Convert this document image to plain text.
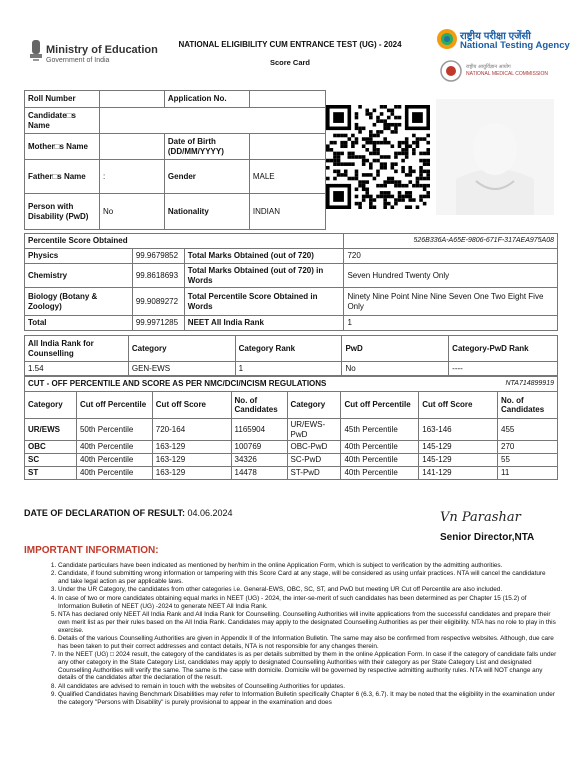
Ministry of Education
Government of India
NATIONAL ELIGIBILITY CUM ENTRANCE TEST (UG) - 2024
Score Card
राष्ट्रीय परीक्षा एजेंसी
National Testing Agency
राष्ट्रीय आयुर्विज्ञान आयोग
NATIONAL MEDICAL COMMISSION
Roll Number		Application No.		
Candidate□s Name				
Mother□s Name		Date of Birth (DD/MM/YYYY)		
Father□s Name	:	Gender	MALE	
Person with Disability (PwD)	No	Nationality	INDIAN	
Percentile Score Obtained			526B336A-A65E-9806-671F-317AEA975A08
Physics	99.9679852	Total Marks Obtained (out of 720)	720
Chemistry	99.8618693	Total Marks Obtained (out of 720) in Words	Seven Hundred Twenty Only
Biology (Botany & Zoology)	99.9089272	Total Percentile Score Obtained in Words	Ninety Nine Point Nine Nine Seven One Two Eight Five Only
Total	99.9971285	NEET All India Rank	1
All India Rank for Counselling	Category	Category Rank	PwD	Category-PwD Rank
1.54	GEN-EWS	1	No	----
CUT - OFF PERCENTILE AND SCORE AS PER NMC/DCI/NCISM REGULATIONS					NTA714899919		
Category	Cut off Percentile	Cut off Score	No. of Candidates	Category	Cut off Percentile	Cut off Score	No. of Candidates
UR/EWS	50th Percentile	720-164	1165904	UR/EWS-PwD	45th Percentile	163-146	455
OBC	40th Percentile	163-129	100769	OBC-PwD	40th Percentile	145-129	270
SC	40th Percentile	163-129	34326	SC-PwD	40th Percentile	145-129	55
ST	40th Percentile	163-129	14478	ST-PwD	40th Percentile	141-129	11
DATE OF DECLARATION OF RESULT: 04.06.2024	Vn Parashar
Senior Director,NTA
IMPORTANT INFORMATION:
1. Candidate particulars have been indicated as mentioned by her/him in the online Application Form, which is subject to verification by the admitting authorities.
2. Candidate, if found submitting wrong information or tampering with this Score Card at any stage, will be considered as using unfair practices. NTA will cancel the candidature and take legal action as per applicable laws.
3. Under the UR Category, the candidates from other categories i.e. General-EWS, OBC, SC, ST, and PwD but meeting UR Cut off Percentile are also included.
4. In case of two or more candidates obtaining equal marks in NEET (UG) - 2024, the inter-se-merit of such candidates has been determined as per Chapter 15 (15.2) of Information Bulletin of NEET (UG) -2024 to generate NEET All India Rank.
5. NTA has declared only NEET All India Rank and All India Rank for Counselling. Counselling Authorities will invite applications from the successful candidates and prepare their own merit list as per their rules based on the All India Rank. Candidates may apply to the designated Counselling Authorities as per their eligibility. NTA has no role to play in this exercise.
6. Details of the various Counselling Authorities are given in Appendix II of the Information Bulletin. The same may also be confirmed from respective websites. Although, due care has been taken to put their correct addresses and contact details, NTA is not responsible for any changes therein.
7. In the NEET (UG) □ 2024 result, the category of the candidates is as per details submitted by them in the online Application Form. In case if the category of candidate falls under any other category in the State Category List, candidates may apply to designated Counselling Authorities with their category as per State Category List and designated Counselling Authorities will verify the same. The same is the case with domicile. Domicile will be governed by respective admitting authority rules. NTA will NOT change any details of the candidates after the declaration of the result.
8. All candidates are advised to remain in touch with the websites of Counselling Authorities for updates.
9. Qualified Candidates having Benchmark Disabilities may refer to Information Bulletin specifically Chapter 6 (6.3, 6.7). It may be noted that the eligibility in the examination under the category "Persons with Disability" is purely provisional to appear in the examination and does
